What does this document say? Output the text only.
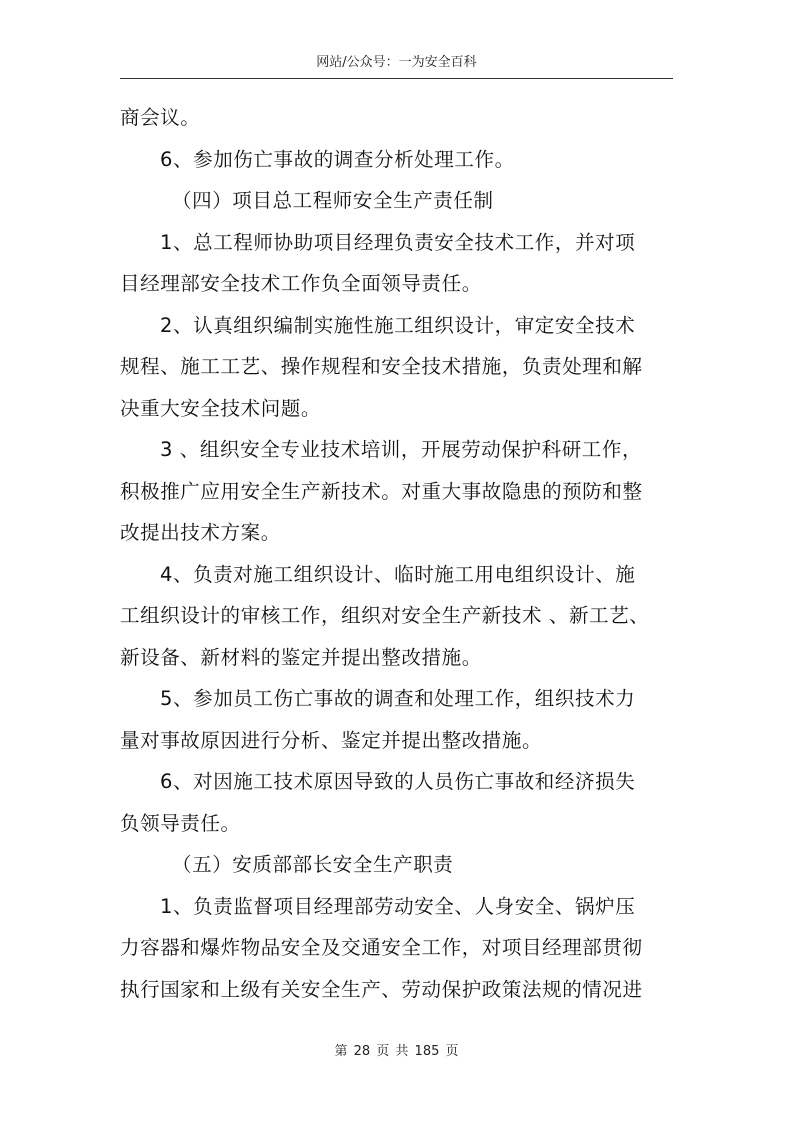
网站/公众号：一为安全百科
商会议。
6、参加伤亡事故的调查分析处理工作。
（四）项目总工程师安全生产责任制
1、总工程师协助项目经理负责安全技术工作，并对项
目经理部安全技术工作负全面领导责任。
2、认真组织编制实施性施工组织设计，审定安全技术
规程、施工工艺、操作规程和安全技术措施，负责处理和解
决重大安全技术问题。
3 、组织安全专业技术培训，开展劳动保护科研工作，
积极推广应用安全生产新技术。对重大事故隐患的预防和整
改提出技术方案。
4、负责对施工组织设计、临时施工用电组织设计、施
工组织设计的审核工作，组织对安全生产新技术 、新工艺、
新设备、新材料的鉴定并提出整改措施。
5、参加员工伤亡事故的调查和处理工作，组织技术力
量对事故原因进行分析、鉴定并提出整改措施。
6、对因施工技术原因导致的人员伤亡事故和经济损失
负领导责任。
（五）安质部部长安全生产职责
1、负责监督项目经理部劳动安全、人身安全、锅炉压
力容器和爆炸物品安全及交通安全工作，对项目经理部贯彻
执行国家和上级有关安全生产、劳动保护政策法规的情况进
第 28 页 共 185 页
